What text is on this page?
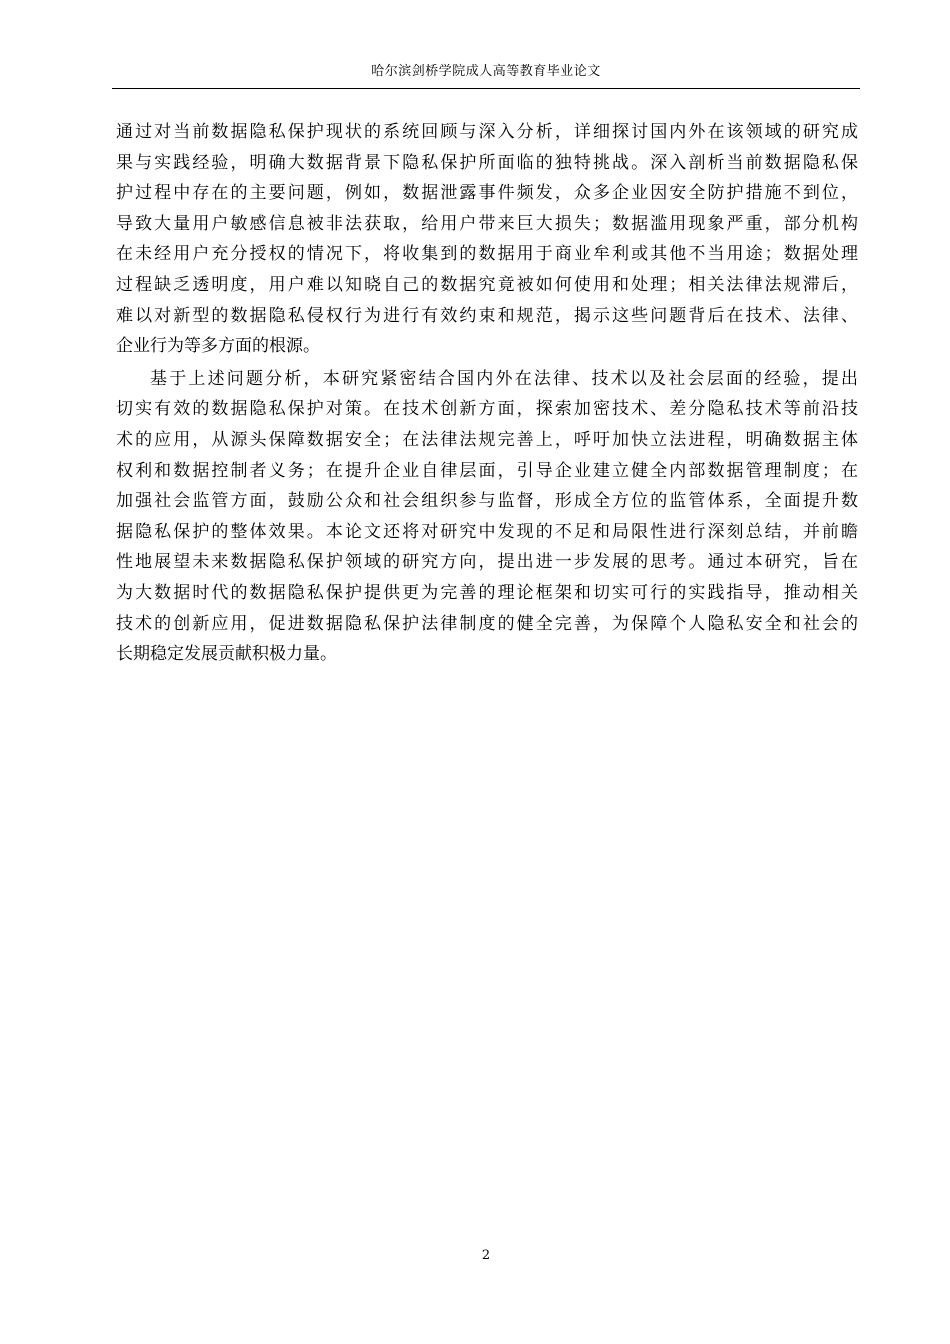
哈尔滨剑桥学院成人高等教育毕业论文
通过对当前数据隐私保护现状的系统回顾与深入分析，详细探讨国内外在该领域的研究成
果与实践经验，明确大数据背景下隐私保护所面临的独特挑战。深入剖析当前数据隐私保
护过程中存在的主要问题，例如，数据泄露事件频发，众多企业因安全防护措施不到位，
导致大量用户敏感信息被非法获取，给用户带来巨大损失；数据滥用现象严重，部分机构
在未经用户充分授权的情况下，将收集到的数据用于商业牟利或其他不当用途；数据处理
过程缺乏透明度，用户难以知晓自己的数据究竟被如何使用和处理；相关法律法规滞后，
难以对新型的数据隐私侵权行为进行有效约束和规范，揭示这些问题背后在技术、法律、
企业行为等多方面的根源。
基于上述问题分析，本研究紧密结合国内外在法律、技术以及社会层面的经验，提出
切实有效的数据隐私保护对策。在技术创新方面，探索加密技术、差分隐私技术等前沿技
术的应用，从源头保障数据安全；在法律法规完善上，呼吁加快立法进程，明确数据主体
权利和数据控制者义务；在提升企业自律层面，引导企业建立健全内部数据管理制度；在
加强社会监管方面，鼓励公众和社会组织参与监督，形成全方位的监管体系，全面提升数
据隐私保护的整体效果。本论文还将对研究中发现的不足和局限性进行深刻总结，并前瞻
性地展望未来数据隐私保护领域的研究方向，提出进一步发展的思考。通过本研究，旨在
为大数据时代的数据隐私保护提供更为完善的理论框架和切实可行的实践指导，推动相关
技术的创新应用，促进数据隐私保护法律制度的健全完善，为保障个人隐私安全和社会的
长期稳定发展贡献积极力量。
2
